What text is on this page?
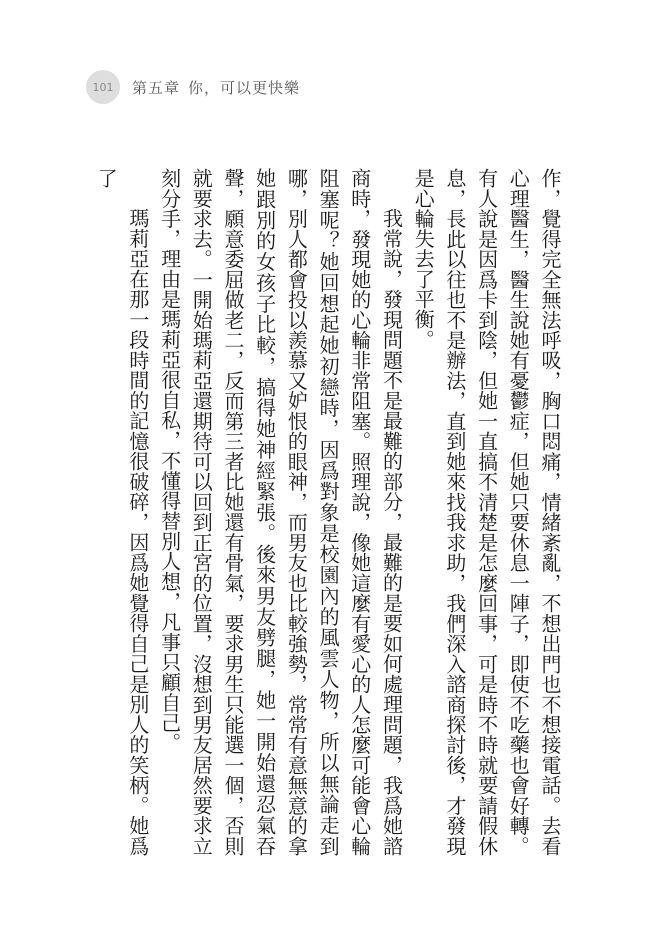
101	第五章 你，可以更快樂

作，覺得完全無法呼吸，胸口悶痛，情緒紊亂，不想出門也不想接電話。去看心理醫生，醫生說她有憂鬱症，但她只要休息一陣子，即使不吃藥也會好轉。有人說是因爲卡到陰，但她一直搞不清楚是怎麼回事，可是時不時就要請假休息，長此以往也不是辦法，直到她來找我求助，我們深入諮商探討後，才發現是心輪失去了平衡。

我常說，發現問題不是最難的部分，最難的是要如何處理問題，我爲她諮商時，發現她的心輪非常阻塞。照理說，像她這麼有愛心的人怎麼可能會心輪阻塞呢？她回想起她初戀時，因爲對象是校園內的風雲人物，所以無論走到哪，別人都會投以羨慕又妒恨的眼神，而男友也比較強勢，常常有意無意的拿她跟別的女孩子比較，搞得她神經緊張。後來男友劈腿，她一開始還忍氣吞聲，願意委屈做老二，反而第三者比她還有骨氣，要求男生只能選一個，否則就要求去。一開始瑪莉亞還期待可以回到正宮的位置，沒想到男友居然要求立刻分手，理由是瑪莉亞很自私，不懂得替別人想，凡事只顧自己。

瑪莉亞在那一段時間的記憶很破碎，因爲她覺得自己是別人的笑柄。她爲了
